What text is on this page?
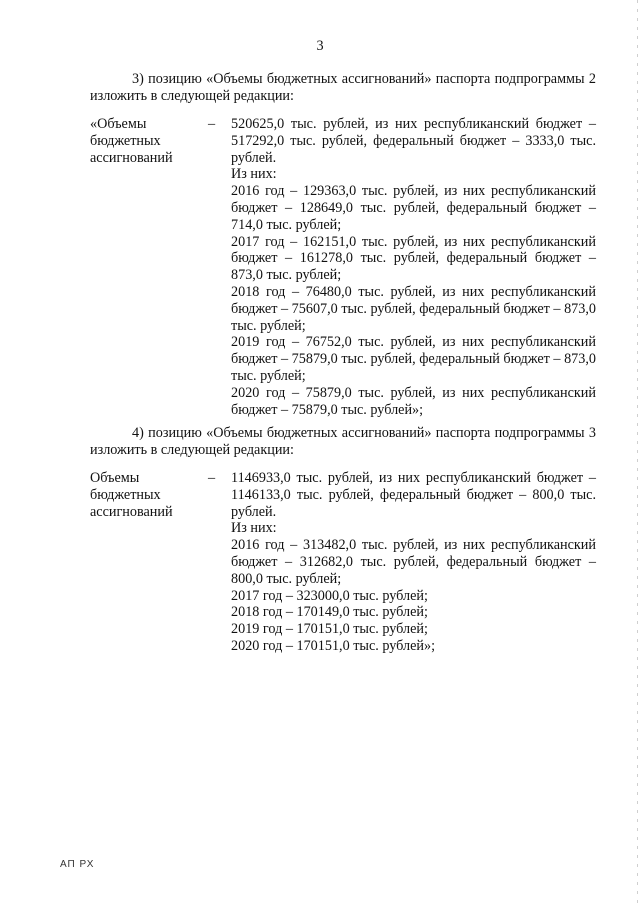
3
3) позицию «Объемы бюджетных ассигнований» паспорта подпрограммы 2 изложить в следующей редакции:
«Объемы
бюджетных
ассигнований
– 520625,0 тыс. рублей, из них республиканский бюджет – 517292,0 тыс. рублей, федеральный бюджет – 3333,0 тыс. рублей.

Из них:

2016 год – 129363,0 тыс. рублей, из них республиканский бюджет – 128649,0 тыс. рублей, федеральный бюджет – 714,0 тыс. рублей;

2017 год – 162151,0 тыс. рублей, из них республиканский бюджет – 161278,0 тыс. рублей, федеральный бюджет – 873,0 тыс. рублей;

2018 год – 76480,0 тыс. рублей, из них республиканский бюджет – 75607,0 тыс. рублей, федеральный бюджет – 873,0 тыс. рублей;

2019 год – 76752,0 тыс. рублей, из них республиканский бюджет – 75879,0 тыс. рублей, федеральный бюджет – 873,0 тыс. рублей;

2020 год – 75879,0 тыс. рублей, из них республиканский бюджет – 75879,0 тыс. рублей»;

4) позицию «Объемы бюджетных ассигнований» паспорта подпрограммы 3 изложить в следующей редакции:
Объемы
бюджетных
ассигнований
– 1146933,0 тыс. рублей, из них республиканский бюджет – 1146133,0 тыс. рублей, федеральный бюджет – 800,0 тыс. рублей.

Из них:

2016 год – 313482,0 тыс. рублей, из них республиканский бюджет – 312682,0 тыс. рублей, федеральный бюджет – 800,0 тыс. рублей;

2017 год – 323000,0 тыс. рублей;

2018 год – 170149,0 тыс. рублей;

2019 год – 170151,0 тыс. рублей;

2020 год – 170151,0 тыс. рублей»;

АП РХ
